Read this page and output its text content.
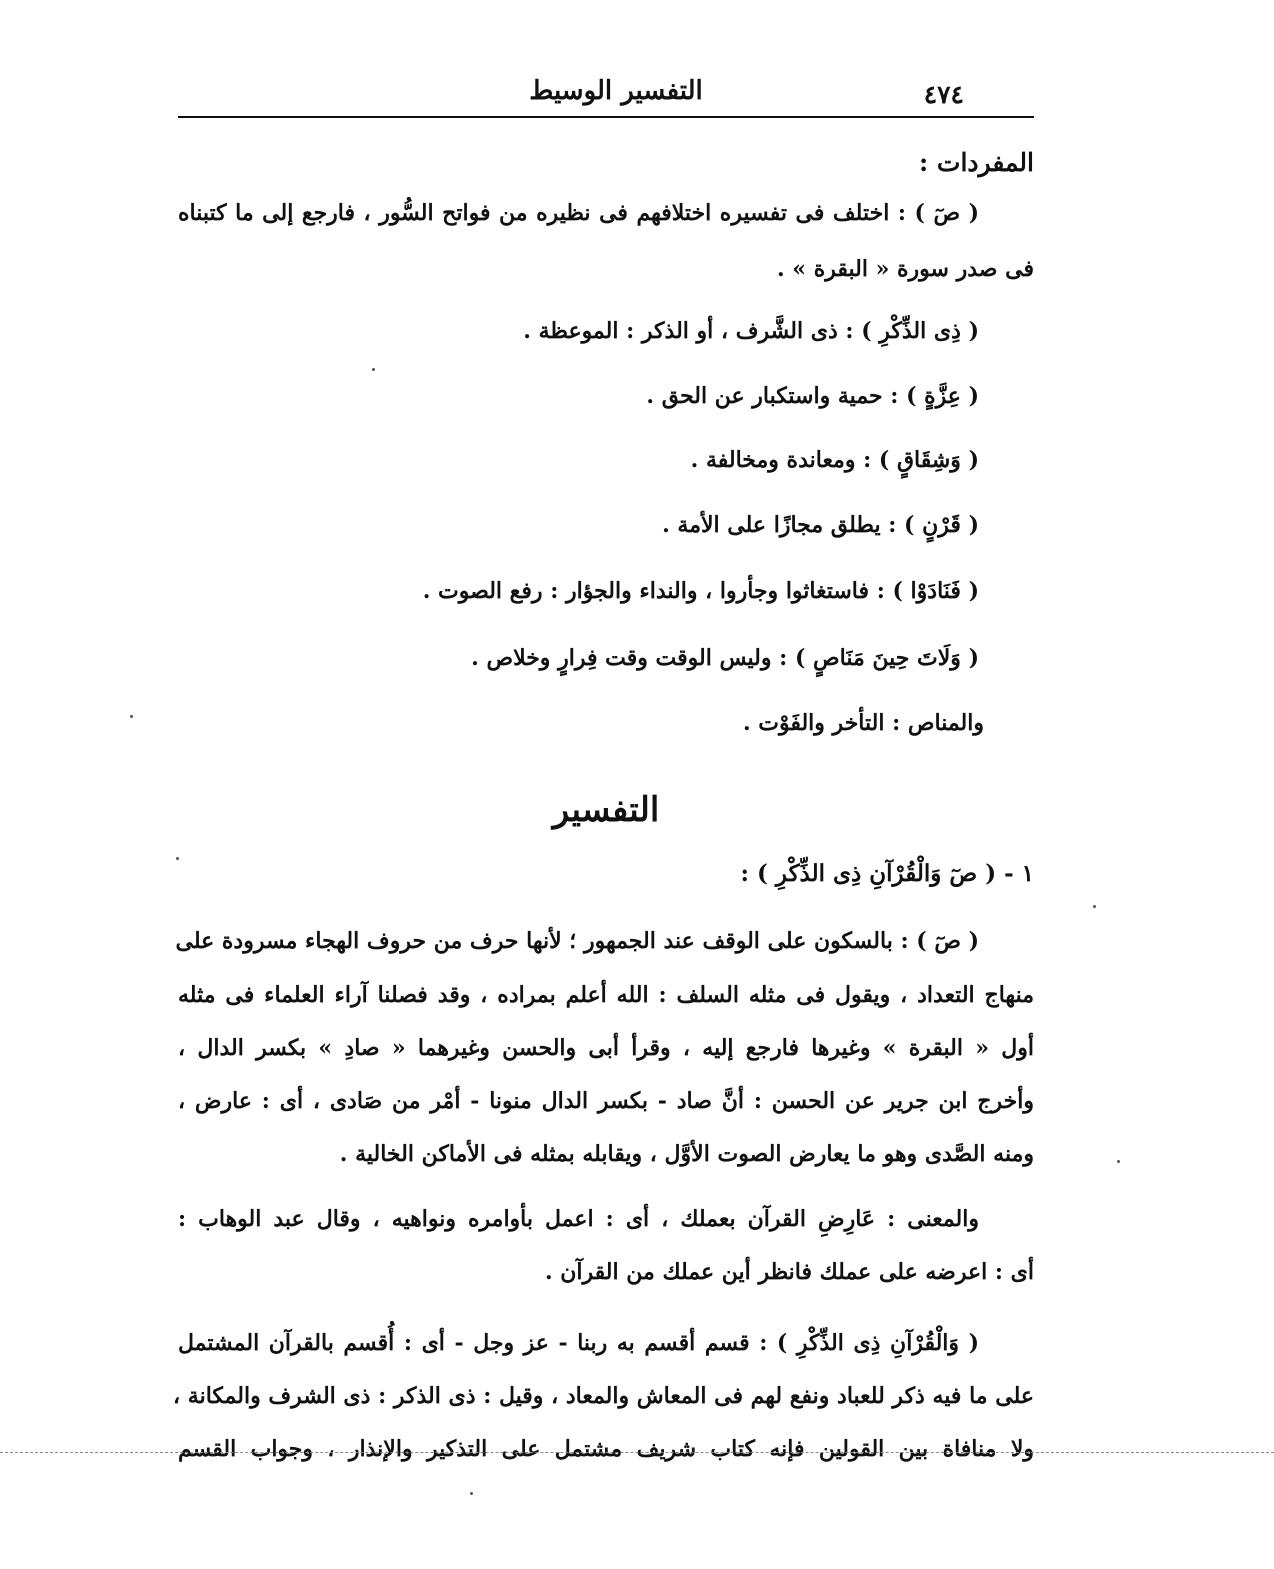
٤٧٤
التفسير الوسيط
المفردات :
( صٓ ) : اختلف فى تفسيره اختلافهم فى نظيره من فواتح السُّور ، فارجع إلى ما كتبناه
فى صدر سورة « البقرة » .
( ذِى الذِّكْرِ ) : ذى الشَّرف ، أو الذكر : الموعظة .
( عِزَّةٍ ) : حمية واستكبار عن الحق .
( وَشِقَاقٍ ) : ومعاندة ومخالفة .
( قَرْنٍ ) : يطلق مجازًا على الأمة .
( فَنَادَوْا ) : فاستغاثوا وجأروا ، والنداء والجؤار : رفع الصوت .
( وَلَاتَ حِينَ مَنَاصٍ ) : وليس الوقت وقت فِرارٍ وخلاص .
والمناص : التأخر والفَوْت .
التفسير
١ - ( صٓ وَالْقُرْآنِ ذِى الذِّكْرِ ) :
( صٓ ) : بالسكون على الوقف عند الجمهور ؛ لأنها حرف من حروف الهجاء مسرودة على
منهاج التعداد ، ويقول فى مثله السلف : الله أعلم بمراده ، وقد فصلنا آراء العلماء فى مثله
أول « البقرة » وغيرها فارجع إليه ، وقرأ أبى والحسن وغيرهما « صادِ » بكسر الدال ،
وأخرج ابن جرير عن الحسن : أنَّ صاد - بكسر الدال منونا - أمْر من صَادى ، أى : عارض ،
ومنه الصَّدى وهو ما يعارض الصوت الأوَّل ، ويقابله بمثله فى الأماكن الخالية .
والمعنى : عَارِضِ القرآن بعملك ، أى : اعمل بأوامره ونواهيه ، وقال عبد الوهاب :
أى : اعرضه على عملك فانظر أين عملك من القرآن .
( وَالْقُرْآنِ ذِى الذِّكْرِ ) : قسم أقسم به ربنا - عز وجل - أى : أُقسم بالقرآن المشتمل
على ما فيه ذكر للعباد ونفع لهم فى المعاش والمعاد ، وقيل : ذى الذكر : ذى الشرف والمكانة ،
ولا منافاة بين القولين فإنه كتاب شريف مشتمل على التذكير والإنذار ، وجواب القسم
